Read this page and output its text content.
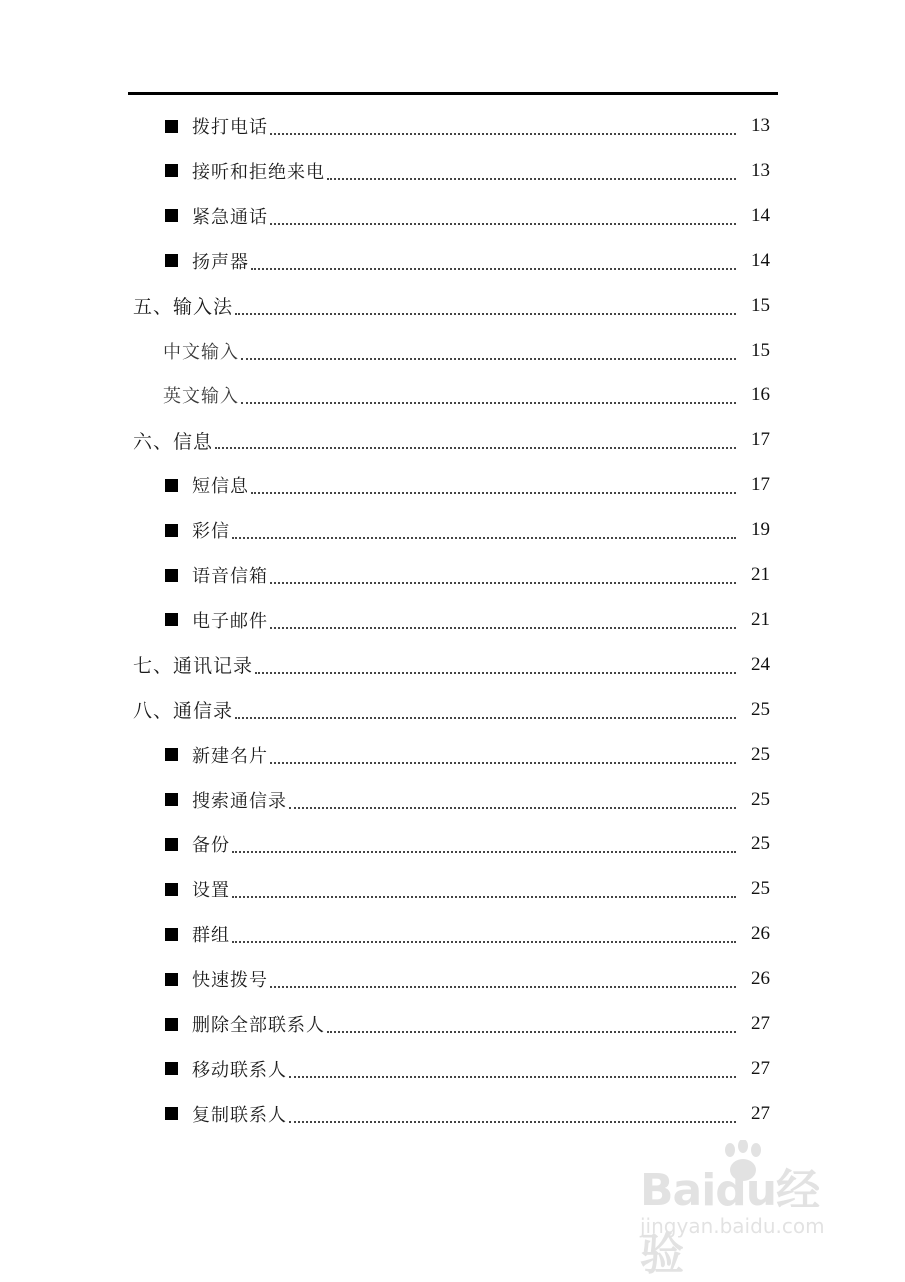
拨打电话	13
接听和拒绝来电	13
紧急通话	14
扬声器	14
五、输入法	15
中文输入	15
英文输入	16
六、信息	17
短信息	17
彩信	19
语音信箱	21
电子邮件	21
七、通讯记录	24
八、通信录	25
新建名片	25
搜索通信录	25
备份	25
设置	25
群组	26
快速拨号	26
删除全部联系人	27
移动联系人	27
复制联系人	27
Baidu经验
jingyan.baidu.com
